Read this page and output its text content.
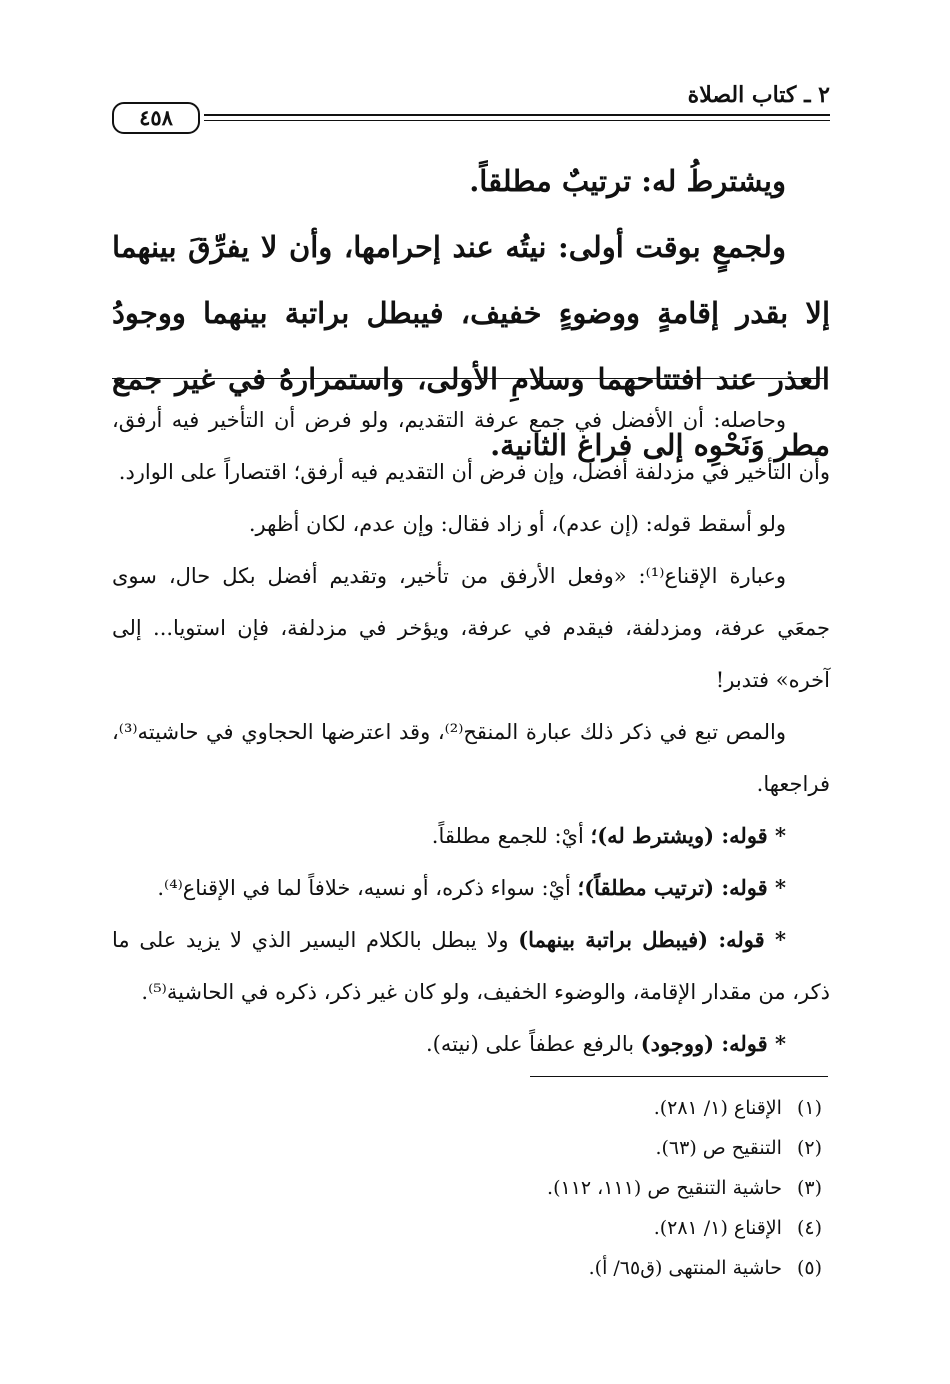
٢ ـ كتاب الصلاة
٤٥٨

ويشترطُ له: ترتيبٌ مطلقاً.

ولجمعٍ بوقت أولى: نيتُه عند إحرامها، وأن لا يفرِّقَ بينهما إلا بقدر إقامةٍ ووضوءٍ خفيف، فيبطل براتبة بينهما ووجودُ العذر عند افتتاحهما وسلامِ الأولى، واستمرارهُ في غير جمع مطر وَنَحْوِه إلى فراغ الثانية.

وحاصله: أن الأفضل في جمع عرفة التقديم، ولو فرض أن التأخير فيه أرفق، وأن التأخير في مزدلفة أفضل، وإن فرض أن التقديم فيه أرفق؛ اقتصاراً على الوارد.

ولو أسقط قوله: (إن عدم)، أو زاد فقال: وإن عدم، لكان أظهر.

وعبارة الإقناع⁽¹⁾: «وفعل الأرفق من تأخير، وتقديم أفضل بكل حال، سوى جمعَي عرفة، ومزدلفة، فيقدم في عرفة، ويؤخر في مزدلفة، فإن استويا... إلى آخره» فتدبر!

والمص تبع في ذكر ذلك عبارة المنقح⁽²⁾، وقد اعترضها الحجاوي في حاشيته⁽³⁾، فراجعها.

* قوله: (ويشترط له)؛ أيْ: للجمع مطلقاً.

* قوله: (ترتيب مطلقاً)؛ أيْ: سواء ذكره، أو نسيه، خلافاً لما في الإقناع⁽⁴⁾.

* قوله: (فيبطل براتبة بينهما) ولا يبطل بالكلام اليسير الذي لا يزيد على ما ذكر، من مقدار الإقامة، والوضوء الخفيف، ولو كان غير ذكر، ذكره في الحاشية⁽⁵⁾.

* قوله: (ووجود) بالرفع عطفاً على (نيته).

(١) الإقناع (١/ ٢٨١).

(٢) التنقيح ص (٦٣).

(٣) حاشية التنقيح ص (١١١، ١١٢).

(٤) الإقناع (١/ ٢٨١).

(٥) حاشية المنتهى (ق٦٥/ أ).
